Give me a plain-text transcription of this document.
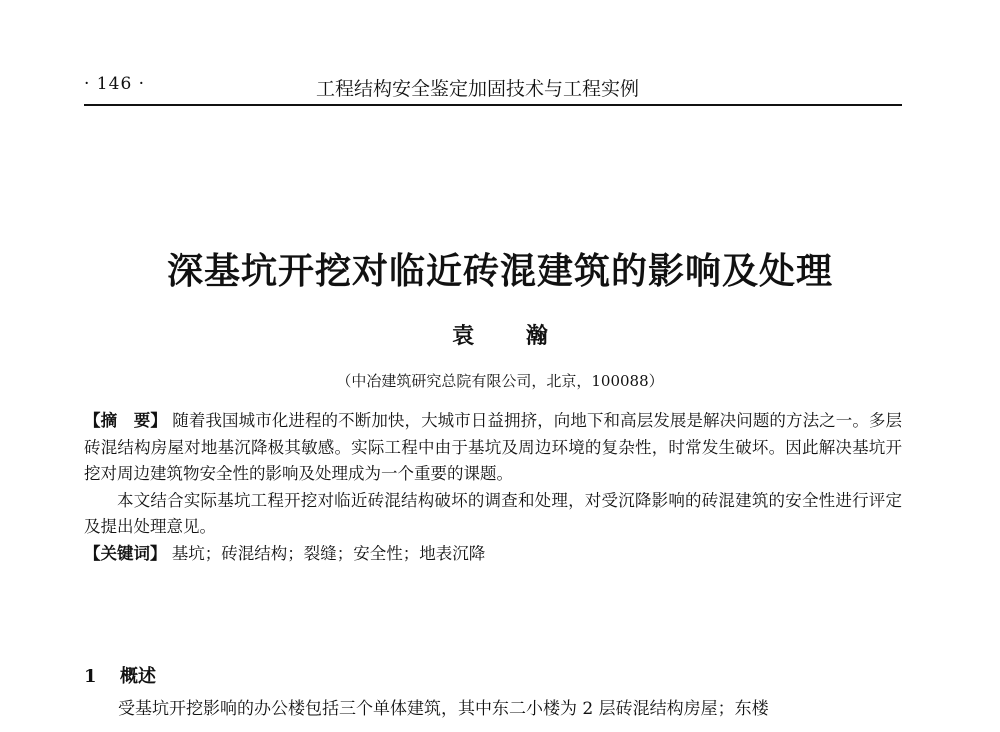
· 146 ·	工程结构安全鉴定加固技术与工程实例
深基坑开挖对临近砖混建筑的影响及处理
袁 瀚
（中冶建筑研究总院有限公司，北京，100088）

【摘　要】 随着我国城市化进程的不断加快，大城市日益拥挤，向地下和高层发展是解决问题的方法之一。多层砖混结构房屋对地基沉降极其敏感。实际工程中由于基坑及周边环境的复杂性，时常发生破坏。因此解决基坑开挖对周边建筑物安全性的影响及处理成为一个重要的课题。

本文结合实际基坑工程开挖对临近砖混结构破坏的调查和处理，对受沉降影响的砖混建筑的安全性进行评定及提出处理意见。

【关键词】 基坑；砖混结构；裂缝；安全性；地表沉降

1 概述
受基坑开挖影响的办公楼包括三个单体建筑，其中东二小楼为 2 层砖混结构房屋；东楼
